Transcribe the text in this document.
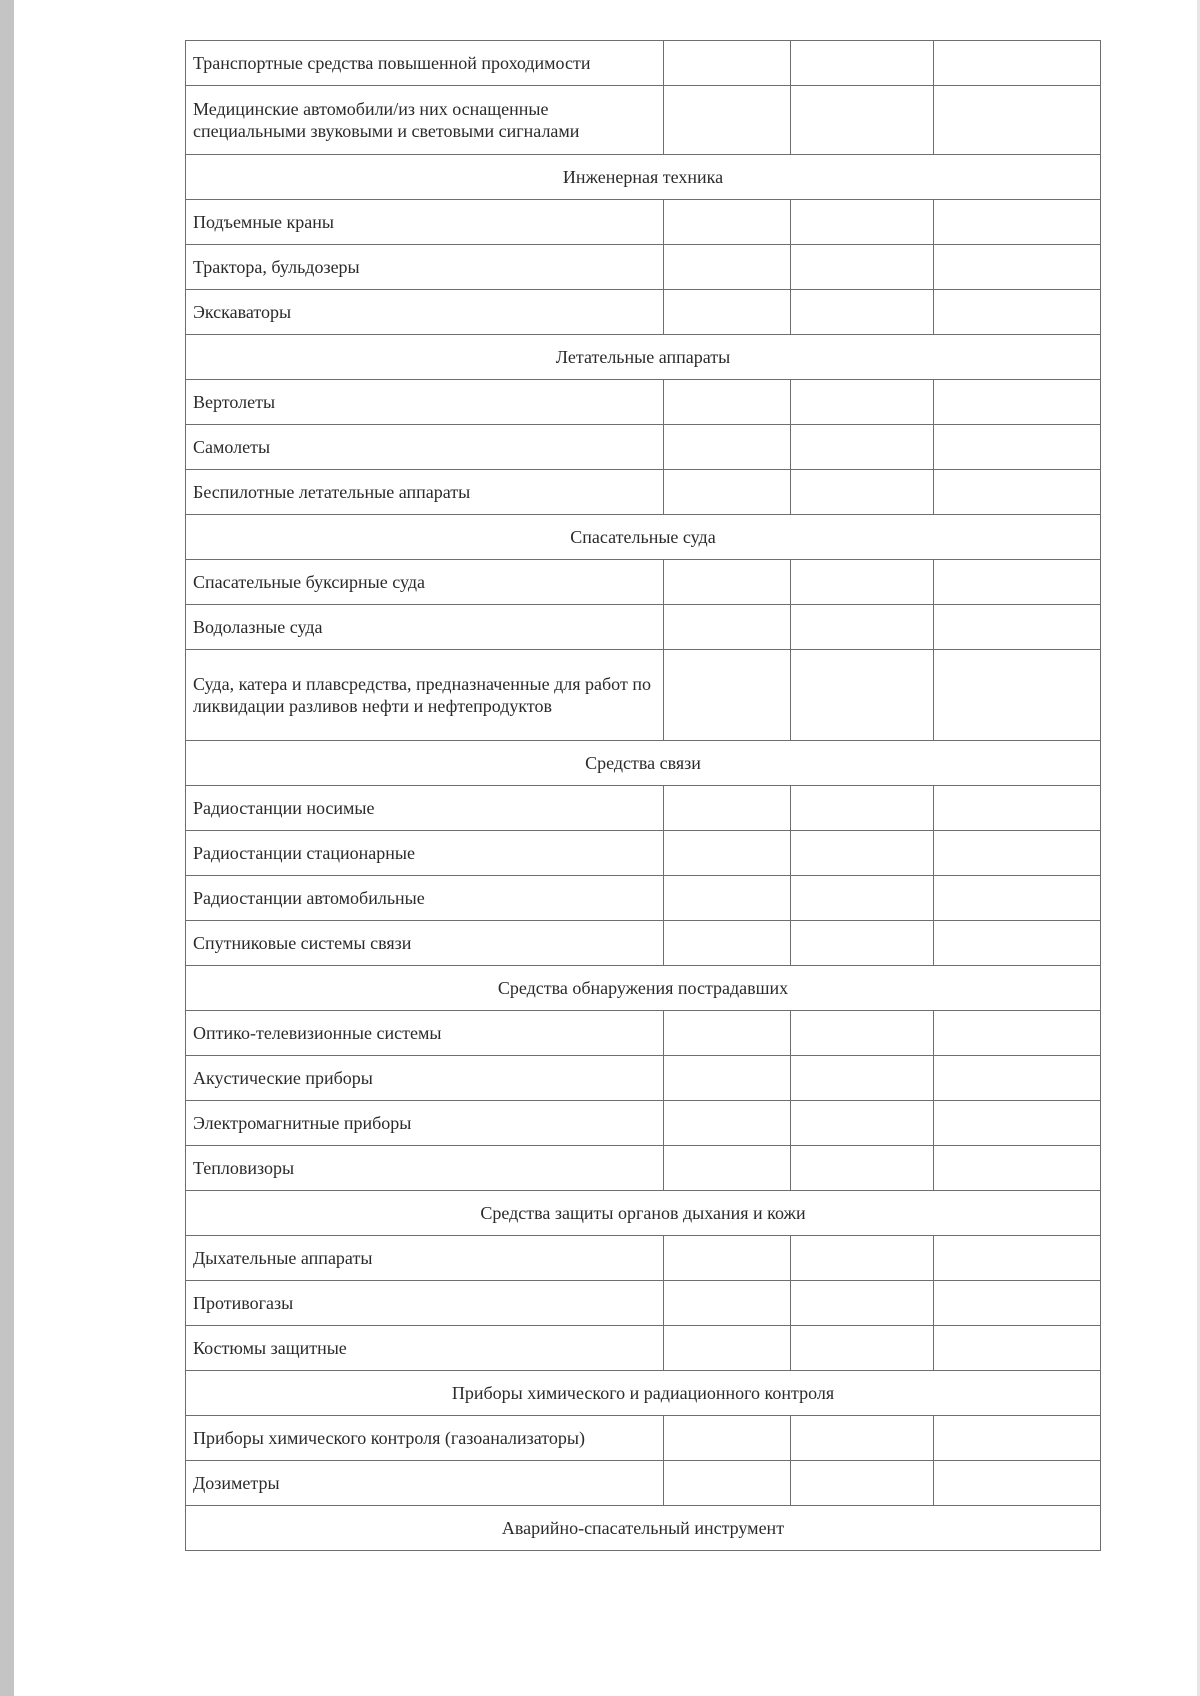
Транспортные средства повышенной проходимости			
Медицинские автомобили/из них оснащенные специальными звуковыми и световыми сигналами			
Инженерная техника			
Подъемные краны			
Трактора, бульдозеры			
Экскаваторы			
Летательные аппараты			
Вертолеты			
Самолеты			
Беспилотные летательные аппараты			
Спасательные суда			
Спасательные буксирные суда			
Водолазные суда			
Суда, катера и плавсредства, предназначенные для работ по ликвидации разливов нефти и нефтепродуктов			
Средства связи			
Радиостанции носимые			
Радиостанции стационарные			
Радиостанции автомобильные			
Спутниковые системы связи			
Средства обнаружения пострадавших			
Оптико-телевизионные системы			
Акустические приборы			
Электромагнитные приборы			
Тепловизоры			
Средства защиты органов дыхания и кожи			
Дыхательные аппараты			
Противогазы			
Костюмы защитные			
Приборы химического и радиационного контроля			
Приборы химического контроля (газоанализаторы)			
Дозиметры			
Аварийно-спасательный инструмент			
